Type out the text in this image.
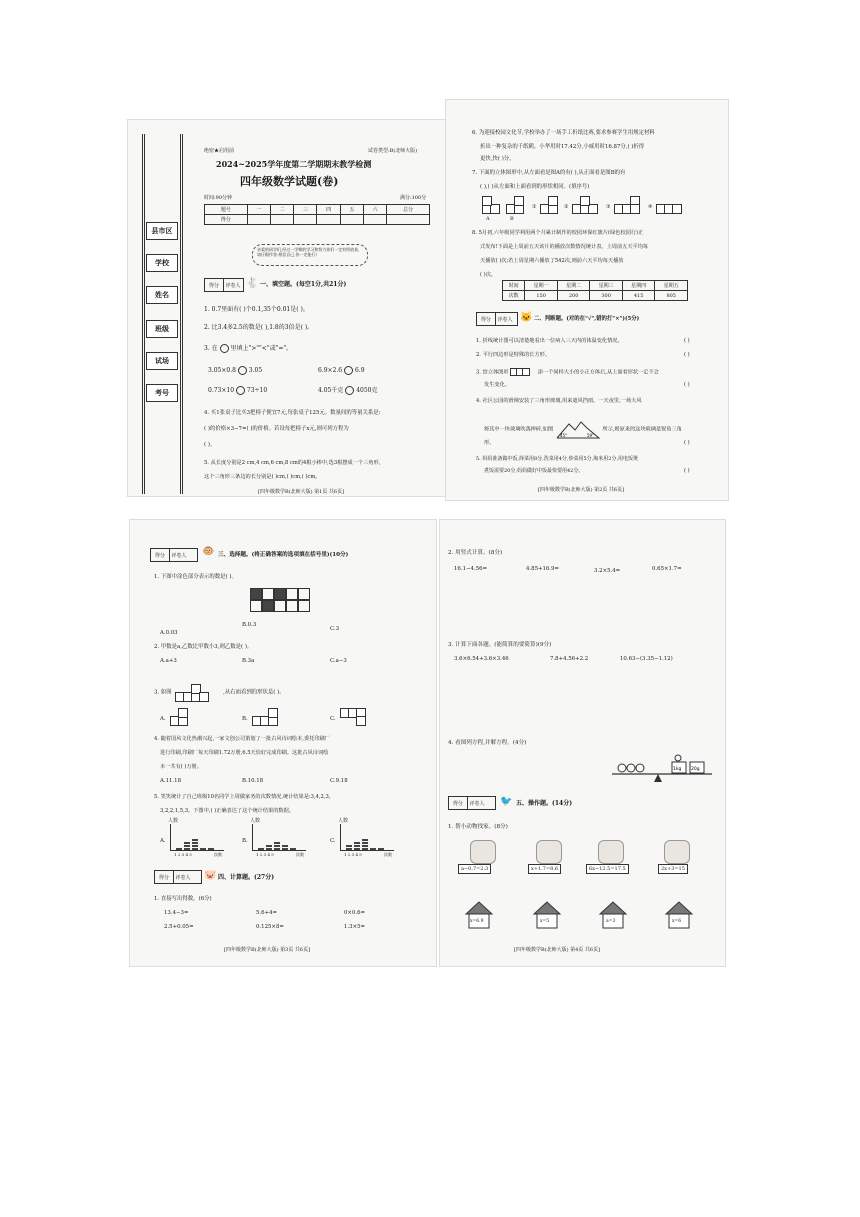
县市区
学校
姓名
班级
试场
考号
绝密★启用前	试卷类型:B(北师大版)
2024~2025学年度第二学期期末教学检测
四年级数学试题(卷)
时间:90分钟	满分:100分
题号	一	二	三	四	五	六	总分
得分							
亲爱的同学们,经过一学期的学习和努力你们一定有所收获,请仔细作答,相信自己,你一定能行!
得分	评卷人 🐇 一、填空题。(每空1分,共21分)
1. 0.7里面有( )个0.1,35个0.01是( )。
2. 比3.4多2.5的数是( ),1.8的3倍是( )。
3. 在 里填上">""<"或"="。
3.05×0.8 3.05	6.9×2.6 6.9
0.73×10 73÷10	4.05千克 4050克
4. 买1张桌子比买3把椅子便宜7元,每张桌子125元。数量间的等量关系是:
( )的价格×3−7=( )的价格。若设每把椅子x元,则可列方程为
( )。
5. 从长度分别是2 cm,4 cm,6 cm,8 cm的4根小棒中,选3根摆成一个三角形,
这个三角形三条边的长分别是( )cm,( )cm,( )cm。
[四年级数学B(北师大版) 第1页 共6页]
6. 为迎接校园文化节,学校举办了一场手工折纸比赛,要求参赛学生用规定材料
折出一种复杂的千纸鹤。小华用时17.42分,小威用时16.87分,( )折得
更快,快( )分。
7. 下面的立体图形中,从左面看是图A的有( ),从正面看是图B的有
( ),( )从左面和上面看到的形状相同。(填序号)
A	B
①	②	③	④
8. 5月初,六年级同学利用两个月累计制作的校园环保红旗片(绿色校园行)正
式发布!下面是上周前五天该片的播放次数情况统计表。上周前五天平均每
天播放( )次;若上周星期六播放了542次,则前六天平均每天播放
( )次。
时间	星期一	星期二	星期三	星期四	星期五
次数	150	200	300	415	805
得分	评卷人 🐱 二、判断题。(对的在"√",错的打"×")(5分)
1. 折线统计图可以清楚地看出一位病人三天内的体温变化情况。	( )
2. 平行四边形是特殊的长方形。	( )
3. 给立体图形	添一个同样大小的小正方体后,从上面看形状一定不会
发生变化。	( )
4. 社区公园的滑梯安装了三角形玻璃,用来遮风挡雨。一天夜里,一场大风
将其中一块玻璃吹落摔碎,如图
45°	59°
所示,则原来的这块玻璃是锐角三角
形。	( )
5. 妈妈准备做中饭,择菜用8分,洗菜用4分,炒菜用5分,淘米用2分,用电饭煲
煮饭需要20分,妈妈做好中饭最快要用42分。	( )
[四年级数学B(北师大版) 第2页 共6页]
得分	评卷人 🐵 三、选择题。(将正确答案的选项填在括号里)(10分)
1. 下图中涂色部分表示的数是( )。
A.0.03
B.0.3
C.3
2. 甲数是a,乙数比甲数小3,则乙数是( )。
A.a+3	B.3a	C.a−3
3. 如图	,从右面看到的形状是( )。
A.	B.	C.
4. 随着国风文化热潮兴起,一家文创公司策划了一批古风诗词绘本,委托印刷厂
进行印刷,印刷厂每天印刷1.72万册,6.5天恰好完成印刷。这批古风诗词绘
本一共有( )万册。
A.11.18	B.10.18	C.9.18
5. 笑笑统计了自己班级10名同学上周做家务的次数情况,统计结果是:3,4,2,3,
3,2,2,1,5,3。下图中,( )正确表达了这个统计结果的数据。
A.
人数
1 2 3 4 5	次数
B.
人数
1 2 3 4 5	次数
C.
人数
1 2 3 4 5	次数
得分	评卷人 🐷 四、计算题。(27分)
1. 直接写出得数。(6分)
13.4−3=	5.6+4=	0×0.6=
2.5+0.05=	0.125×8=	1.3×5=
[四年级数学B(北师大版) 第3页 共6页]
2. 用竖式计算。(8分)
16.1−4.56=	4.85+16.9=	3.2×5.4=	0.65×1.7=
3. 计算下面各题。(能简算的要简算)(9分)
3.6×6.54+3.6×3.46	7.8+4.56+2.2	10.63−(3.35−1.12)
4. 看图列方程,并解方程。(4分)
1kg 20g
得分	评卷人 🐦 五、操作题。(14分)
1. 帮小动物找家。(8分)
a−0.7=2.3	x+1.7=8.6	6x−12.5=17.5	2x+3=15
x=6.9	x=5	a=3	x=6
[四年级数学B(北师大版) 第4页 共6页]
